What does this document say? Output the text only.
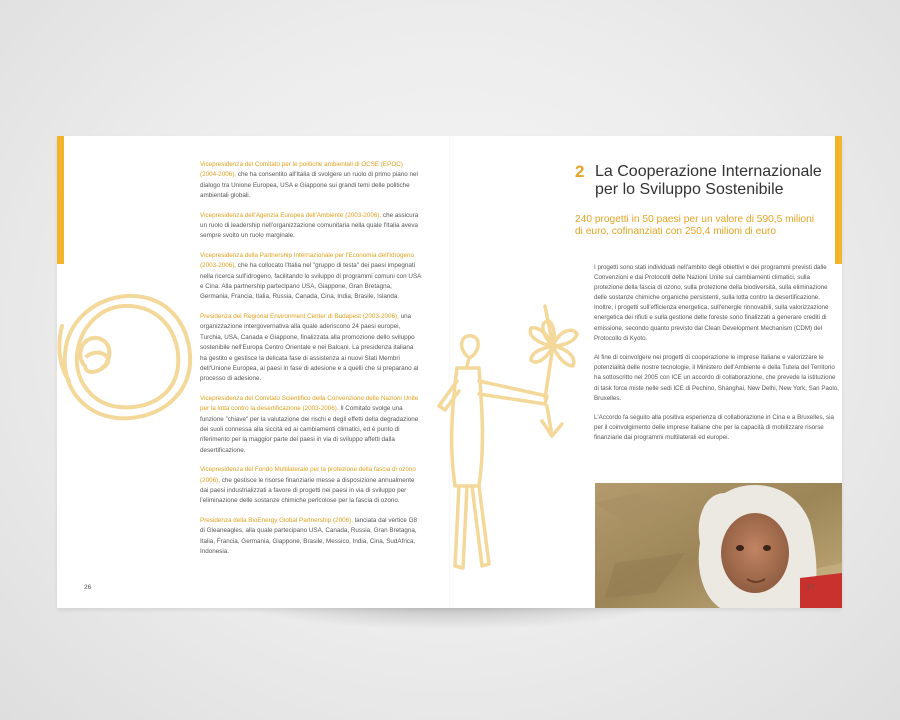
Vicepresidenza del Comitato per le politiche ambientali di OCSE (EPOC) (2004-2006), che ha consentito all'Italia di svolgere un ruolo di primo piano nel dialogo tra Unione Europea, USA e Giappone sui grandi temi delle politiche ambientali globali.

Vicepresidenza dell'Agenzia Europea dell'Ambiente (2003-2006), che assicura un ruolo di leadership nell'organizzazione comunitaria nella quale l'Italia aveva sempre svolto un ruolo marginale.

Vicepresidenza della Partnership Internazionale per l'Economia dell'Idrogeno (2003-2006), che ha collocato l'Italia nel "gruppo di testa" dei paesi impegnati nella ricerca sull'idrogeno, facilitando lo sviluppo di programmi comuni con USA e Cina. Alla partnership partecipano USA, Giappone, Gran Bretagna, Germania, Francia, Italia, Russia, Canada, Cina, India, Brasile, Islanda.

Presidenza del Regional Environment Center di Budapest (2003-2006), una organizzazione intergovernativa alla quale aderiscono 24 paesi europei, Turchia, USA, Canada e Giappone, finalizzata alla promozione dello sviluppo sostenibile nell'Europa Centro Orientale e nei Balcani. La presidenza italiana ha gestito e gestisce la delicata fase di assistenza ai nuovi Stati Membri dell'Unione Europea, ai paesi in fase di adesione e a quelli che si preparano al processo di adesione.

Vicepresidenza del Comitato Scientifico della Convenzione delle Nazioni Unite per la lotta contro la desertificazione (2003-2006). Il Comitato svolge una funzione "chiave" per la valutazione dei rischi e degli effetti della degradazione dei suoli connessa alla siccità ed ai cambiamenti climatici, ed è punto di riferimento per la maggior parte dei paesi in via di sviluppo affetti dalla desertificazione.

Vicepresidenza del Fondo Multilaterale per la protezione della fascia di ozono (2006), che gestisce le risorse finanziarie messe a disposizione annualmente dai paesi industrializzati a favore di progetti nei paesi in via di sviluppo per l'eliminazione delle sostanze chimiche pericolose per la fascia di ozono.

Presidenza della BioEnergy Global Partnership (2006), lanciata dal vertice G8 di Gleaneagles, alla quale partecipano USA, Canada, Russia, Gran Bretagna, Italia, Francia, Germania, Giappone, Brasile, Messico, India, Cina, SudAfrica, Indonesia.

26
2 La Cooperazione Internazionale per lo Sviluppo Sostenibile
240 progetti in 50 paesi per un valore di 590,5 milioni di euro, cofinanziati con 250,4 milioni di euro

I progetti sono stati individuati nell'ambito degli obiettivi e dei programmi previsti dalle Convenzioni e dai Protocolli delle Nazioni Unite sui cambiamenti climatici, sulla protezione della fascia di ozono, sulla protezione della biodiversità, sulla eliminazione delle sostanze chimiche organiche persistenti, sulla lotta contro la desertificazione. Inoltre, i progetti sull'efficienza energetica, sull'energie rinnovabili, sulla valorizzazione energetica dei rifiuti e sulla gestione delle foreste sono finalizzati a generare crediti di emissione, secondo quanto previsto dal Clean Development Mechanism (CDM) del Protocollo di Kyoto.

Al fine di coinvolgere nei progetti di cooperazione le imprese italiane e valorizzare le potenzialità delle nostre tecnologie, il Ministero dell'Ambiente e della Tutela del Territorio ha sottoscritto nel 2005 con ICE un accordo di collaborazione, che prevede la istituzione di task force miste nelle sedi ICE di Pechino, Shanghai, New Delhi, New York, San Paolo, Bruxelles.

L'Accordo fa seguito alla positiva esperienza di collaborazione in Cina e a Bruxelles, sia per il coinvolgimento delle imprese italiane che per la capacità di mobilizzare risorse finanziarie dai programmi multilaterali ed europei.

27
